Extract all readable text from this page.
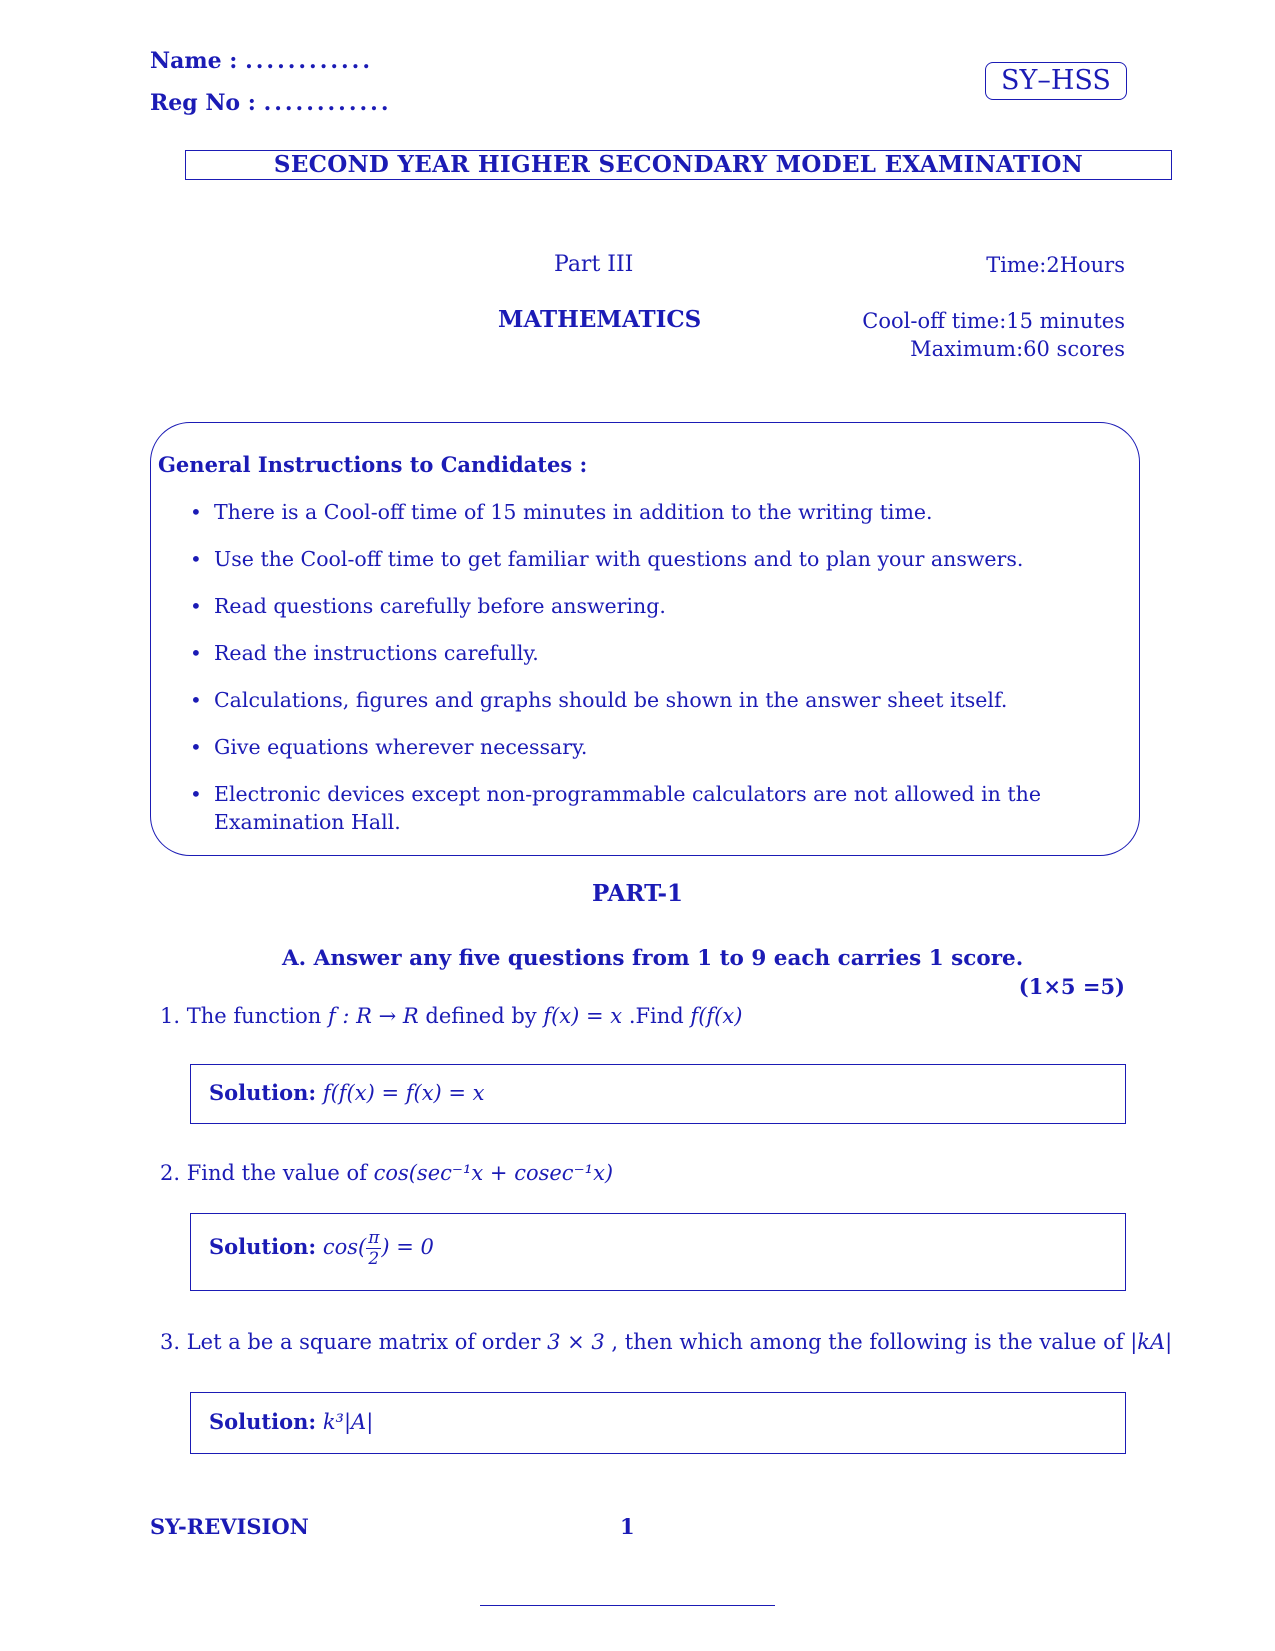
Name : ............
Reg No : ............
SY–HSS
SECOND YEAR HIGHER SECONDARY MODEL EXAMINATION
Part III
MATHEMATICS
Time:2Hours
Cool-off time:15 minutes
Maximum:60 scores
General Instructions to Candidates :
• There is a Cool-off time of 15 minutes in addition to the writing time.
• Use the Cool-off time to get familiar with questions and to plan your answers.
• Read questions carefully before answering.
• Read the instructions carefully.
• Calculations, figures and graphs should be shown in the answer sheet itself.
• Give equations wherever necessary.
• Electronic devices except non-programmable calculators are not allowed in the Examination Hall.
PART-1
A. Answer any five questions from 1 to 9 each carries 1 score.
(1×5 =5)
1. The function f : R → R defined by f(x) = x .Find f(f(x)
Solution: f(f(x) = f(x) = x
2. Find the value of cos(sec⁻¹x + cosec⁻¹x)
Solution: $\cos( \frac{\pi}{2}$ ) = 0
3. Let a be a square matrix of order 3 × 3 , then which among the following is the value of |kA|
Solution: k³|A|
SY-REVISION	1
